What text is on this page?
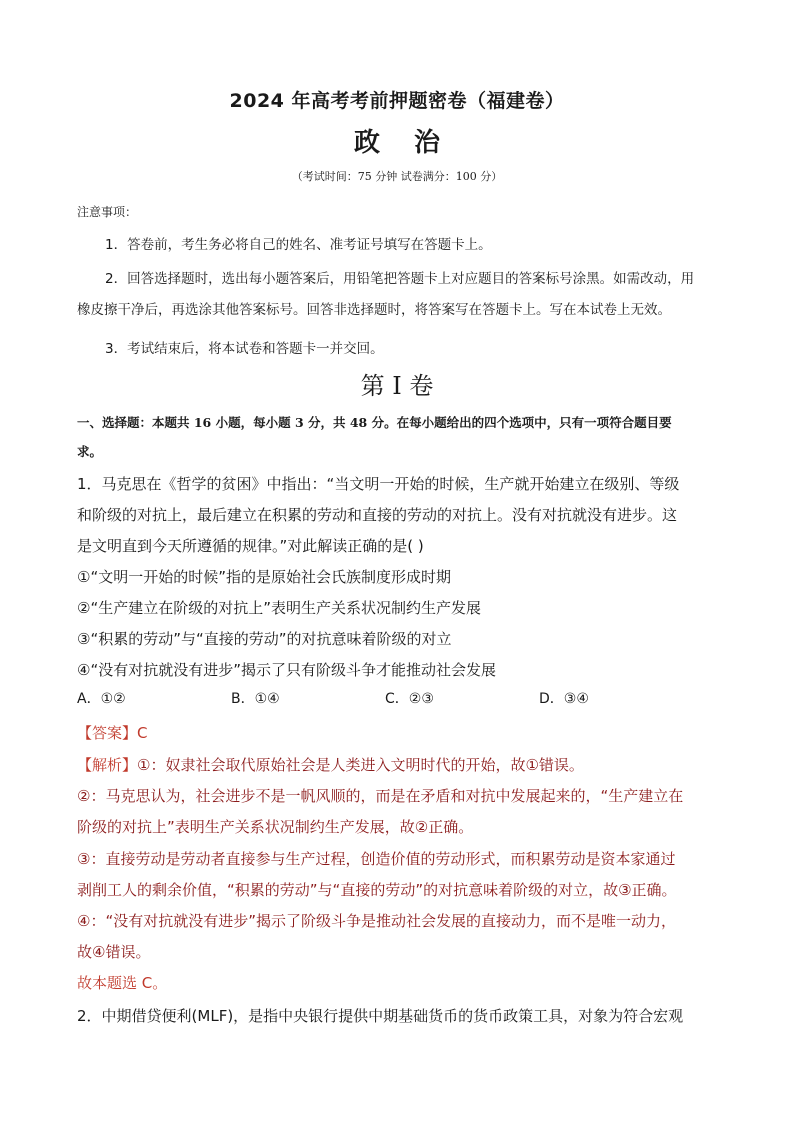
2024 年高考考前押题密卷（福建卷）
政 治
（考试时间：75 分钟 试卷满分：100 分）
注意事项：
1．答卷前，考生务必将自己的姓名、准考证号填写在答题卡上。
2．回答选择题时，选出每小题答案后，用铅笔把答题卡上对应题目的答案标号涂黑。如需改动，用
橡皮擦干净后，再选涂其他答案标号。回答非选择题时，将答案写在答题卡上。写在本试卷上无效。
3．考试结束后，将本试卷和答题卡一并交回。
第 I 卷
一、选择题：本题共 16 小题，每小题 3 分，共 48 分。在每小题给出的四个选项中，只有一项符合题目要
求。
1．马克思在《哲学的贫困》中指出：“当文明一开始的时候，生产就开始建立在级别、等级
和阶级的对抗上，最后建立在积累的劳动和直接的劳动的对抗上。没有对抗就没有进步。这
是文明直到今天所遵循的规律。”对此解读正确的是( )
①“文明一开始的时候”指的是原始社会氏族制度形成时期
②“生产建立在阶级的对抗上”表明生产关系状况制约生产发展
③“积累的劳动”与“直接的劳动”的对抗意味着阶级的对立
④“没有对抗就没有进步”揭示了只有阶级斗争才能推动社会发展
A．①②	B．①④	C．②③	D．③④
【答案】C
【解析】①：奴隶社会取代原始社会是人类进入文明时代的开始，故①错误。
②：马克思认为，社会进步不是一帆风顺的，而是在矛盾和对抗中发展起来的，“生产建立在
阶级的对抗上”表明生产关系状况制约生产发展，故②正确。
③：直接劳动是劳动者直接参与生产过程，创造价值的劳动形式，而积累劳动是资本家通过
剥削工人的剩余价值，“积累的劳动”与“直接的劳动”的对抗意味着阶级的对立，故③正确。
④：“没有对抗就没有进步”揭示了阶级斗争是推动社会发展的直接动力，而不是唯一动力，
故④错误。
故本题选 C。
2．中期借贷便利(MLF)，是指中央银行提供中期基础货币的货币政策工具，对象为符合宏观
